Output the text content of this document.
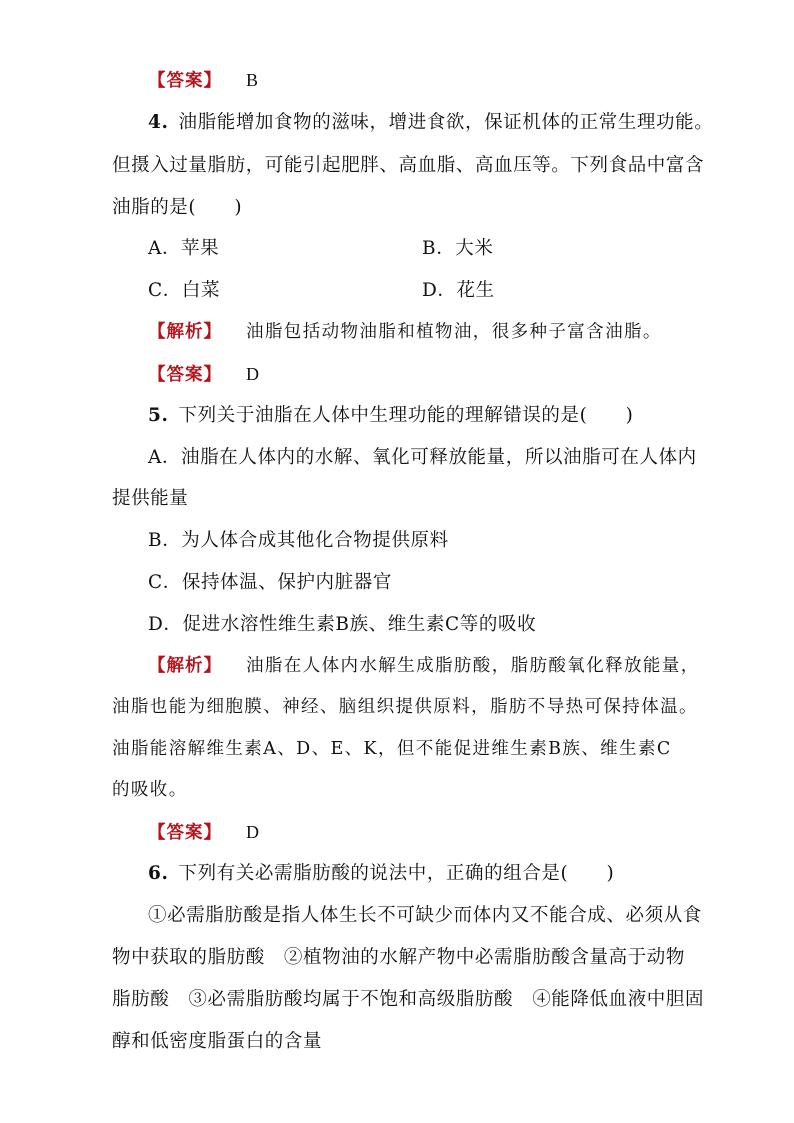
【答案】 B
4. 油脂能增加食物的滋味，增进食欲，保证机体的正常生理功能。
但摄入过量脂肪，可能引起肥胖、高血脂、高血压等。下列食品中富含
油脂的是(　　)
A．苹果	B．大米
C．白菜	D．花生
【解析】 油脂包括动物油脂和植物油，很多种子富含油脂。
【答案】 D
5. 下列关于油脂在人体中生理功能的理解错误的是(　　)
A．油脂在人体内的水解、氧化可释放能量，所以油脂可在人体内
提供能量
B．为人体合成其他化合物提供原料
C．保持体温、保护内脏器官
D．促进水溶性维生素B族、维生素C等的吸收
【解析】 油脂在人体内水解生成脂肪酸，脂肪酸氧化释放能量，
油脂也能为细胞膜、神经、脑组织提供原料，脂肪不导热可保持体温。
油脂能溶解维生素A、D、E、K，但不能促进维生素B族、维生素C
的吸收。
【答案】 D
6. 下列有关必需脂肪酸的说法中，正确的组合是(　　)
①必需脂肪酸是指人体生长不可缺少而体内又不能合成、必须从食
物中获取的脂肪酸　②植物油的水解产物中必需脂肪酸含量高于动物
脂肪酸　③必需脂肪酸均属于不饱和高级脂肪酸　④能降低血液中胆固
醇和低密度脂蛋白的含量
